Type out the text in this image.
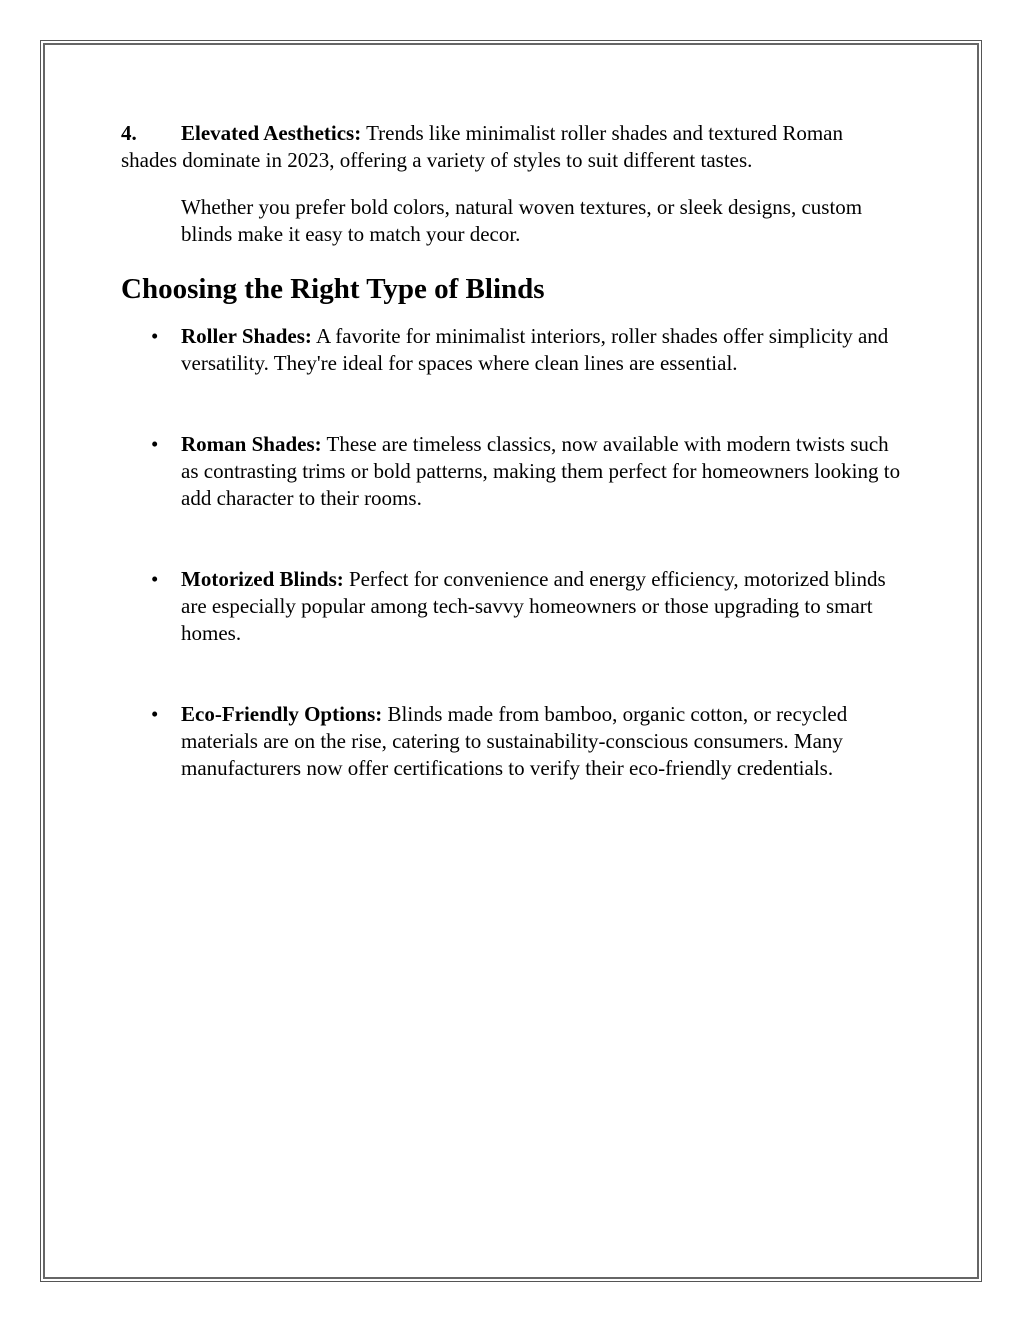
4. Elevated Aesthetics: Trends like minimalist roller shades and textured Roman shades dominate in 2023, offering a variety of styles to suit different tastes.

Whether you prefer bold colors, natural woven textures, or sleek designs, custom blinds make it easy to match your decor.

Choosing the Right Type of Blinds
• Roller Shades: A favorite for minimalist interiors, roller shades offer simplicity and versatility. They're ideal for spaces where clean lines are essential.
• Roman Shades: These are timeless classics, now available with modern twists such as contrasting trims or bold patterns, making them perfect for homeowners looking to add character to their rooms.
• Motorized Blinds: Perfect for convenience and energy efficiency, motorized blinds are especially popular among tech-savvy homeowners or those upgrading to smart homes.
• Eco-Friendly Options: Blinds made from bamboo, organic cotton, or recycled materials are on the rise, catering to sustainability-conscious consumers. Many manufacturers now offer certifications to verify their eco-friendly credentials.
